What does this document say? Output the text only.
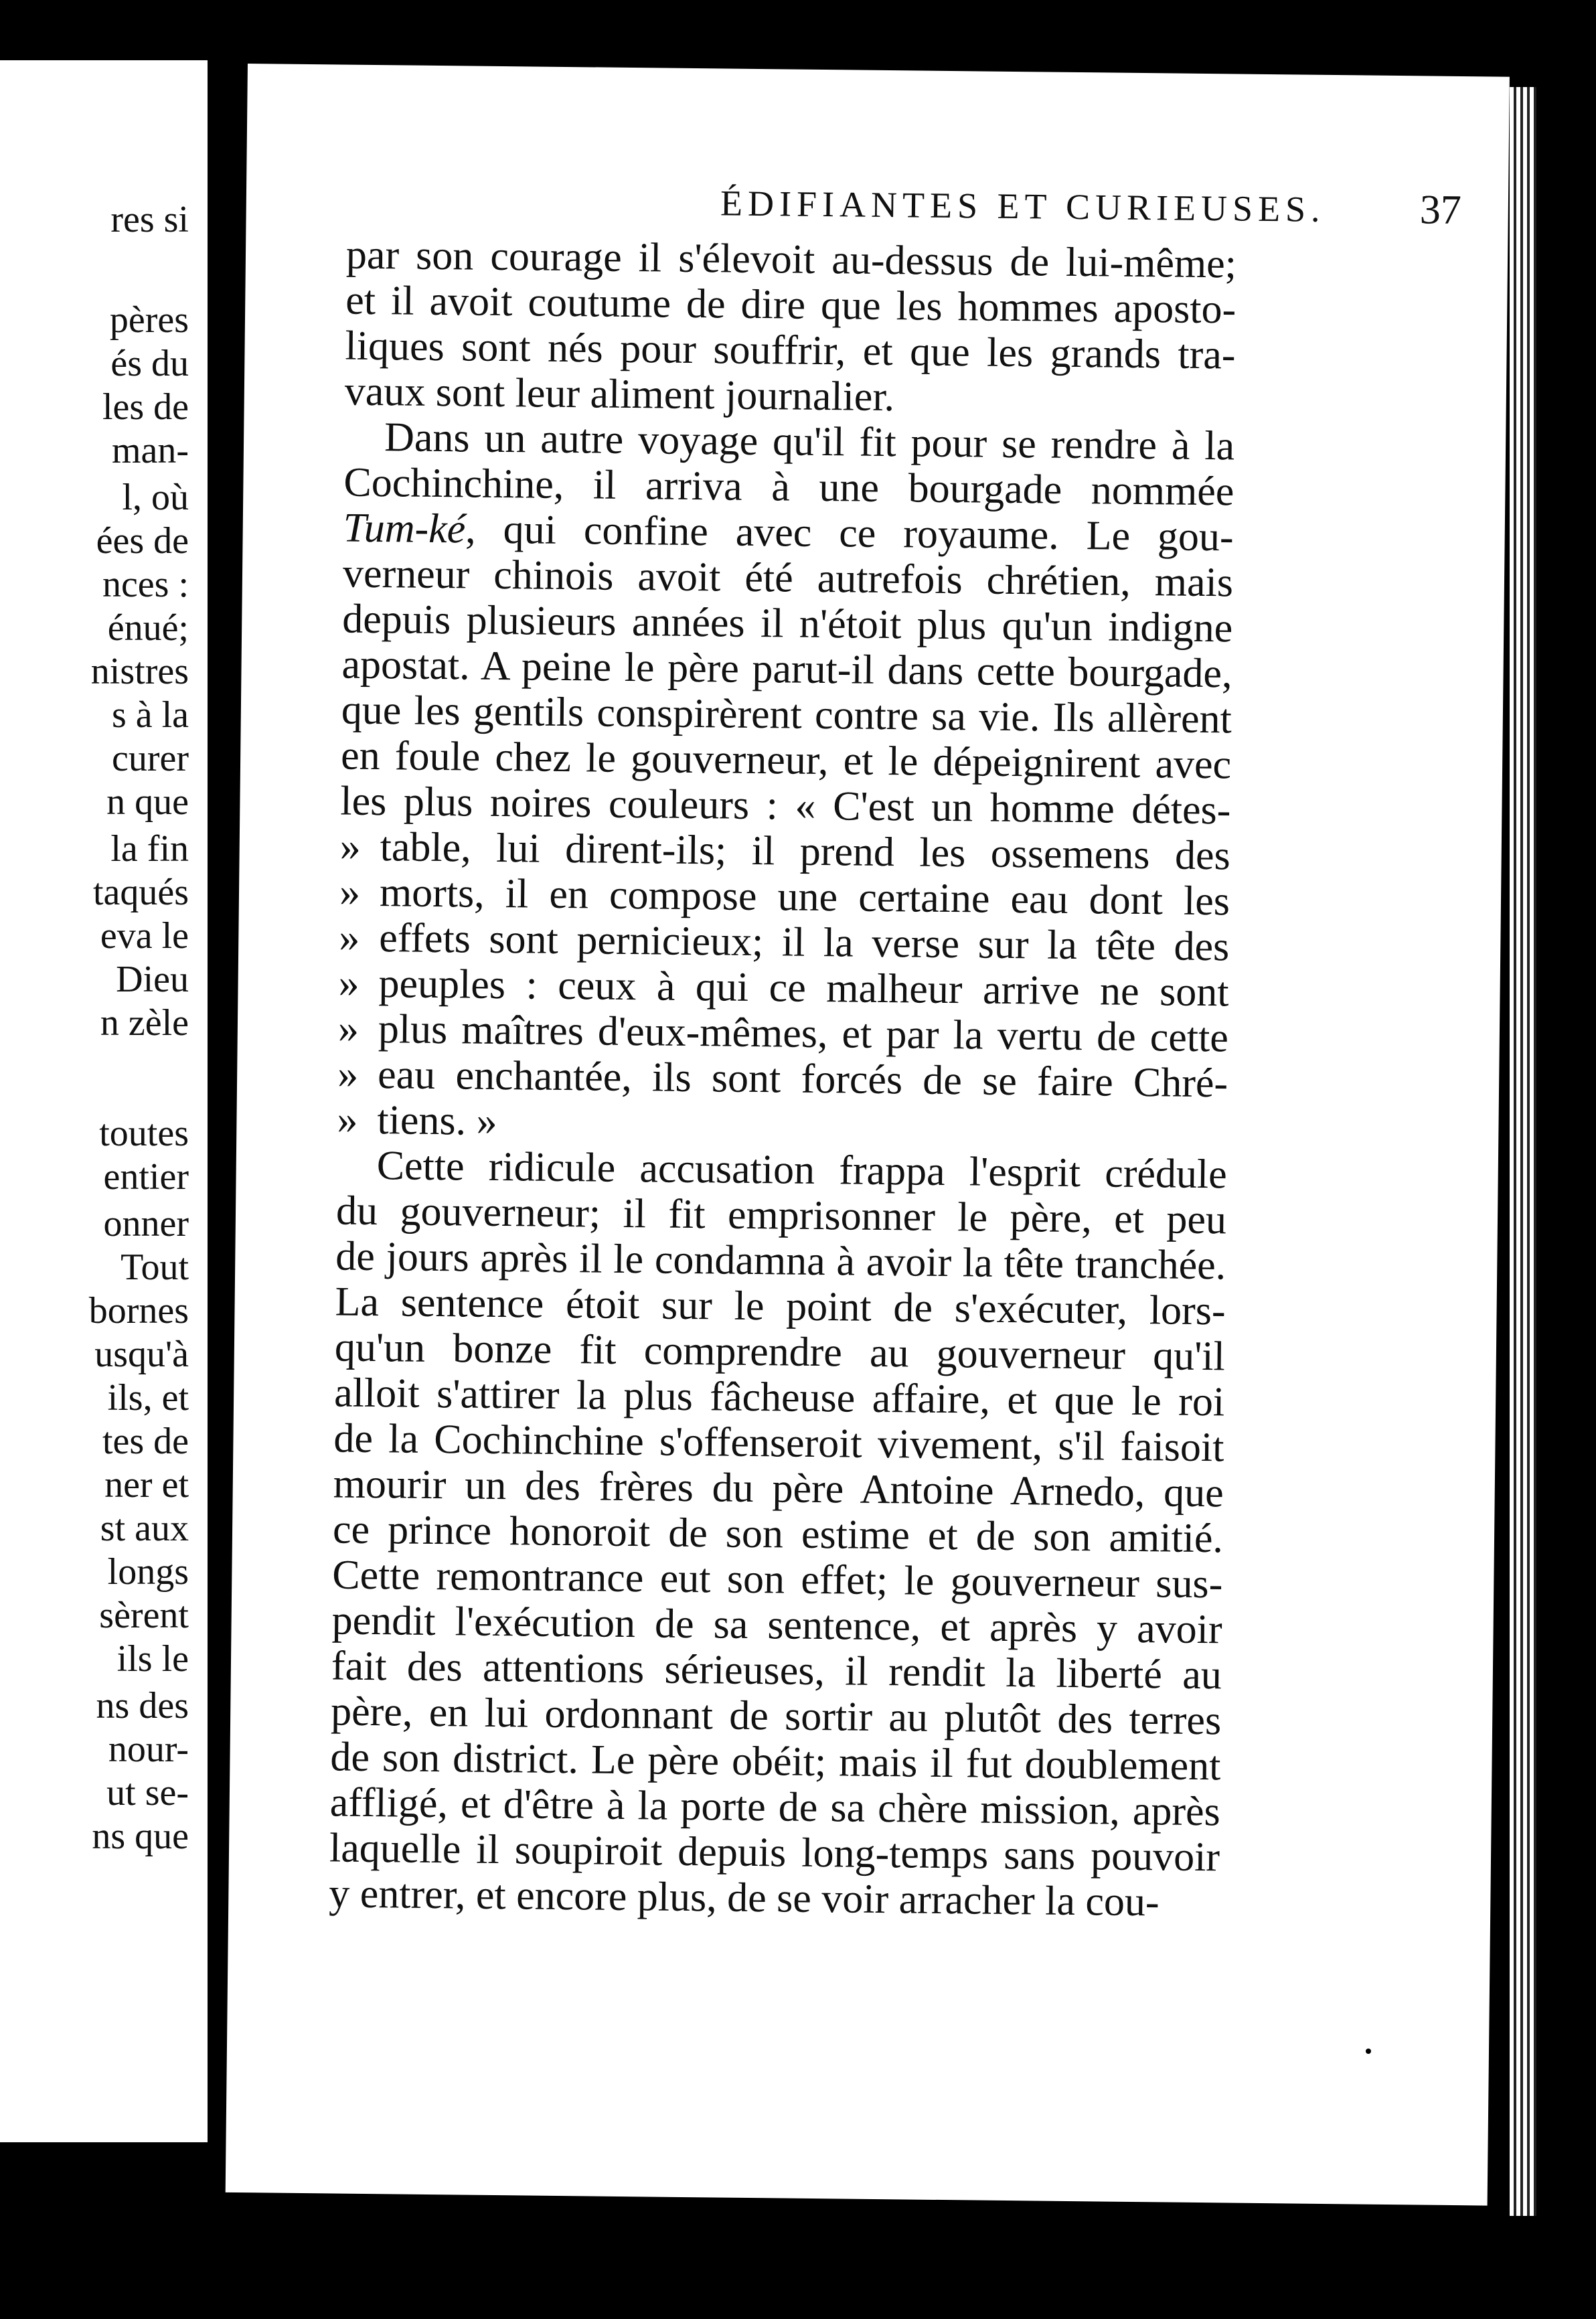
res si
pères
és du
les de
man-
l, où
ées de
nces :
énué;
nistres
s à la
curer
n que
la fin
taqués
eva le
Dieu
n zèle
toutes
entier
onner
Tout
bornes
usqu'à
ils, et
tes de
ner et
st aux
longs
sèrent
ils le
ns des
nour-
ut se-
ns que
ÉDIFIANTES ET CURIEUSES.	37
par son courage il s'élevoit au-dessus de lui-même;
et il avoit coutume de dire que les hommes aposto-
liques sont nés pour souffrir, et que les grands tra-
vaux sont leur aliment journalier.
Dans un autre voyage qu'il fit pour se rendre à la
Cochinchine, il arriva à une bourgade nommée
Tum-ké, qui confine avec ce royaume. Le gou-
verneur chinois avoit été autrefois chrétien, mais
depuis plusieurs années il n'étoit plus qu'un indigne
apostat. A peine le père parut-il dans cette bourgade,
que les gentils conspirèrent contre sa vie. Ils allèrent
en foule chez le gouverneur, et le dépeignirent avec
les plus noires couleurs : « C'est un homme détes-
» table, lui dirent-ils; il prend les ossemens des
» morts, il en compose une certaine eau dont les
» effets sont pernicieux; il la verse sur la tête des
» peuples : ceux à qui ce malheur arrive ne sont
» plus maîtres d'eux-mêmes, et par la vertu de cette
» eau enchantée, ils sont forcés de se faire Chré-
» tiens. »
Cette ridicule accusation frappa l'esprit crédule
du gouverneur; il fit emprisonner le père, et peu
de jours après il le condamna à avoir la tête tranchée.
La sentence étoit sur le point de s'exécuter, lors-
qu'un bonze fit comprendre au gouverneur qu'il
alloit s'attirer la plus fâcheuse affaire, et que le roi
de la Cochinchine s'offenseroit vivement, s'il faisoit
mourir un des frères du père Antoine Arnedo, que
ce prince honoroit de son estime et de son amitié.
Cette remontrance eut son effet; le gouverneur sus-
pendit l'exécution de sa sentence, et après y avoir
fait des attentions sérieuses, il rendit la liberté au
père, en lui ordonnant de sortir au plutôt des terres
de son district. Le père obéit; mais il fut doublement
affligé, et d'être à la porte de sa chère mission, après
laquelle il soupiroit depuis long-temps sans pouvoir
y entrer, et encore plus, de se voir arracher la cou-
